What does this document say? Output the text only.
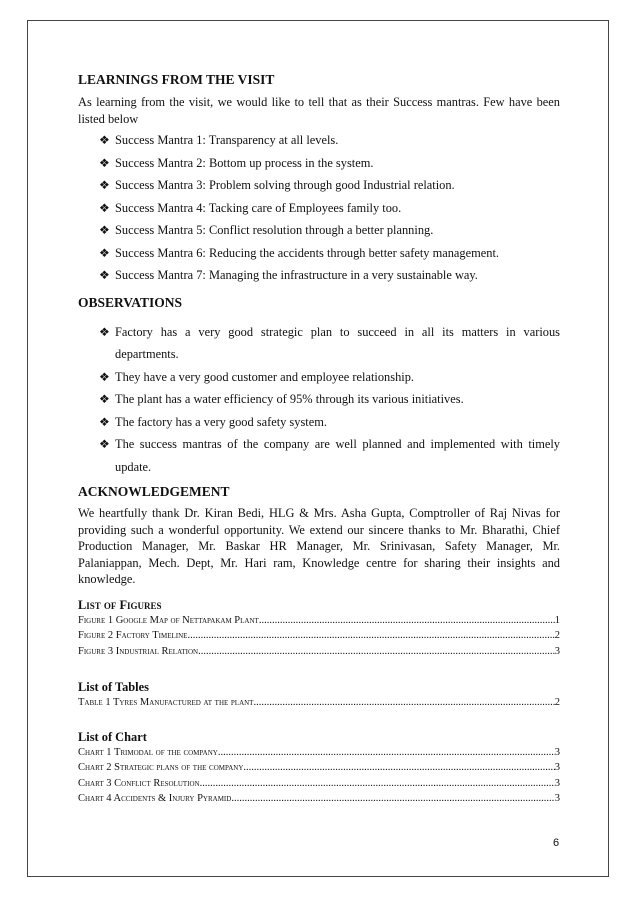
LEARNINGS FROM THE VISIT

As learning from the visit, we would like to tell that as their Success mantras. Few have been listed below

❖ Success Mantra 1: Transparency at all levels.
❖ Success Mantra 2: Bottom up process in the system.
❖ Success Mantra 3: Problem solving through good Industrial relation.
❖ Success Mantra 4: Tacking care of Employees family too.
❖ Success Mantra 5: Conflict resolution through a better planning.
❖ Success Mantra 6: Reducing the accidents through better safety management.
❖ Success Mantra 7: Managing the infrastructure in a very sustainable way.
OBSERVATIONS
❖ Factory has a very good strategic plan to succeed in all its matters in various departments.
❖ They have a very good customer and employee relationship.
❖ The plant has a water efficiency of 95% through its various initiatives.
❖ The factory has a very good safety system.
❖ The success mantras of the company are well planned and implemented with timely update.
ACKNOWLEDGEMENT

We heartfully thank Dr. Kiran Bedi, HLG & Mrs. Asha Gupta, Comptroller of Raj Nivas for providing such a wonderful opportunity. We extend our sincere thanks to Mr. Bharathi, Chief Production Manager, Mr. Baskar HR Manager, Mr. Srinivasan, Safety Manager, Mr. Palaniappan, Mech. Dept, Mr. Hari ram, Knowledge centre for sharing their insights and knowledge.

List of Figures

Figure 1 Google Map of Nettapakam Plant .....	1
Figure 2 Factory Timeline .....	2
Figure 3 Industrial Relation .....	3

List of Tables

Table 1 Tyres Manufactured at the plant .....	2

List of Chart

Chart 1 Trimodal of the company .....	3
Chart 2 Strategic plans of the company .....	3
Chart 3 Conflict Resolution .....	3
Chart 4 Accidents & Injury Pyramid .....	3
6
